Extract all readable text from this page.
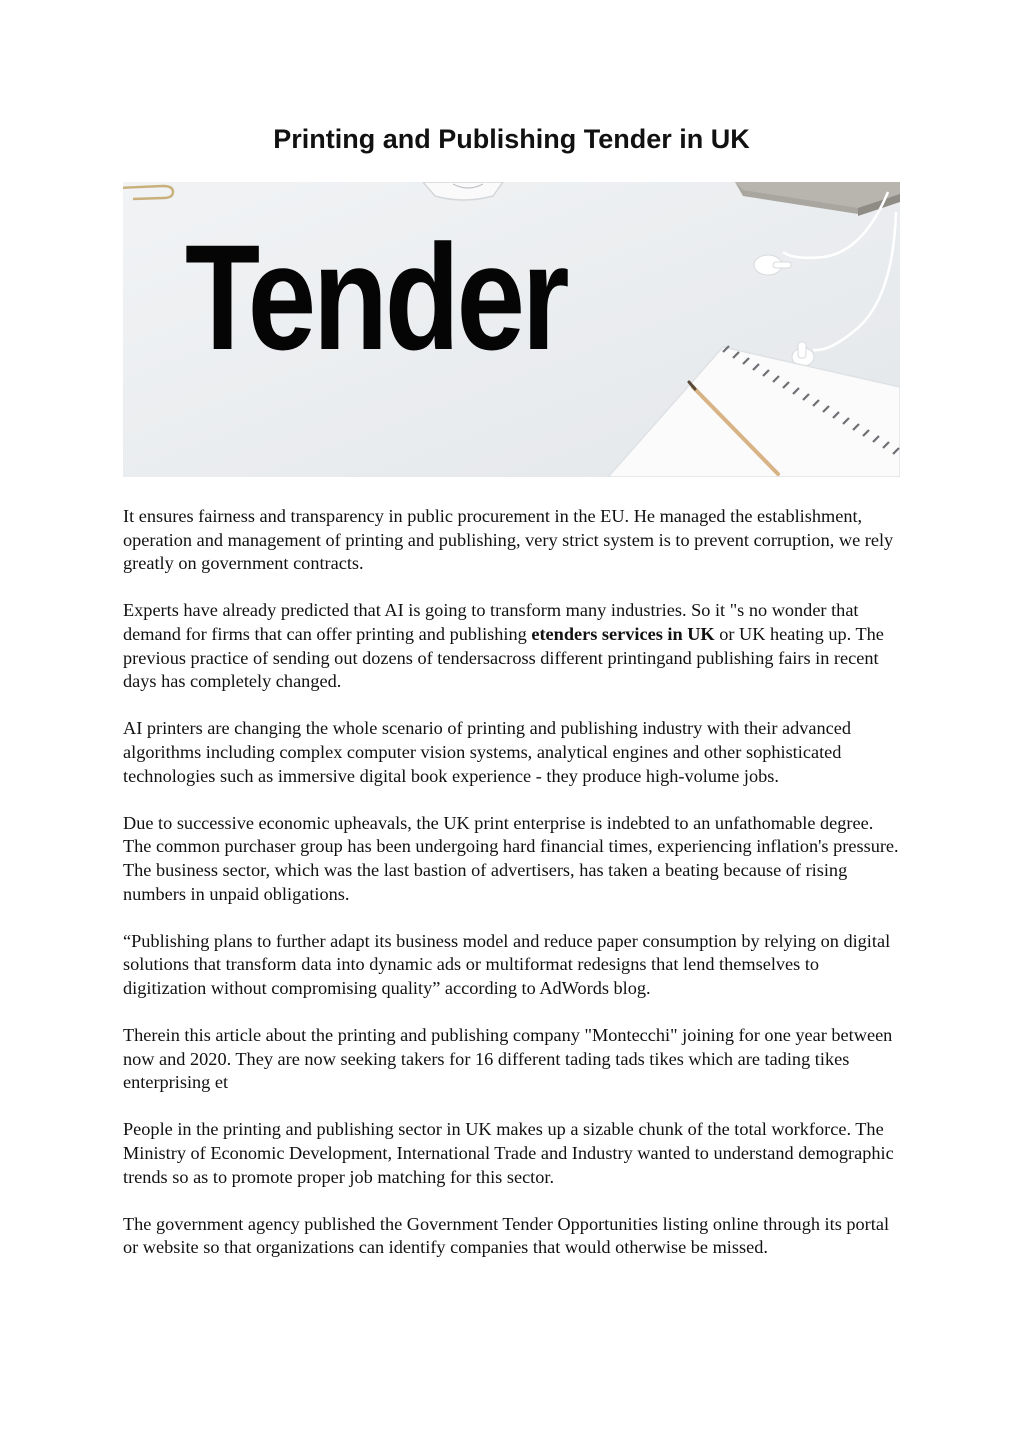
Printing and Publishing Tender in UK
Tender

It ensures fairness and transparency in public procurement in the EU. He managed the establishment, operation and management of printing and publishing, very strict system is to prevent corruption, we rely greatly on government contracts.

Experts have already predicted that AI is going to transform many industries. So it "s no wonder that demand for firms that can offer printing and publishing etenders services in UK or UK heating up. The previous practice of sending out dozens of tendersacross different printingand publishing fairs in recent days has completely changed.

AI printers are changing the whole scenario of printing and publishing industry with their advanced algorithms including complex computer vision systems, analytical engines and other sophisticated technologies such as immersive digital book experience - they produce high-volume jobs.

Due to successive economic upheavals, the UK print enterprise is indebted to an unfathomable degree. The common purchaser group has been undergoing hard financial times, experiencing inflation's pressure. The business sector, which was the last bastion of advertisers, has taken a beating because of rising numbers in unpaid obligations.

“Publishing plans to further adapt its business model and reduce paper consumption by relying on digital solutions that transform data into dynamic ads or multiformat redesigns that lend themselves to digitization without compromising quality” according to AdWords blog.

Therein this article about the printing and publishing company "Montecchi" joining for one year between now and 2020. They are now seeking takers for 16 different tading tads tikes which are tading tikes enterprising et

People in the printing and publishing sector in UK makes up a sizable chunk of the total workforce. The Ministry of Economic Development, International Trade and Industry wanted to understand demographic trends so as to promote proper job matching for this sector.

The government agency published the Government Tender Opportunities listing online through its portal or website so that organizations can identify companies that would otherwise be missed.
